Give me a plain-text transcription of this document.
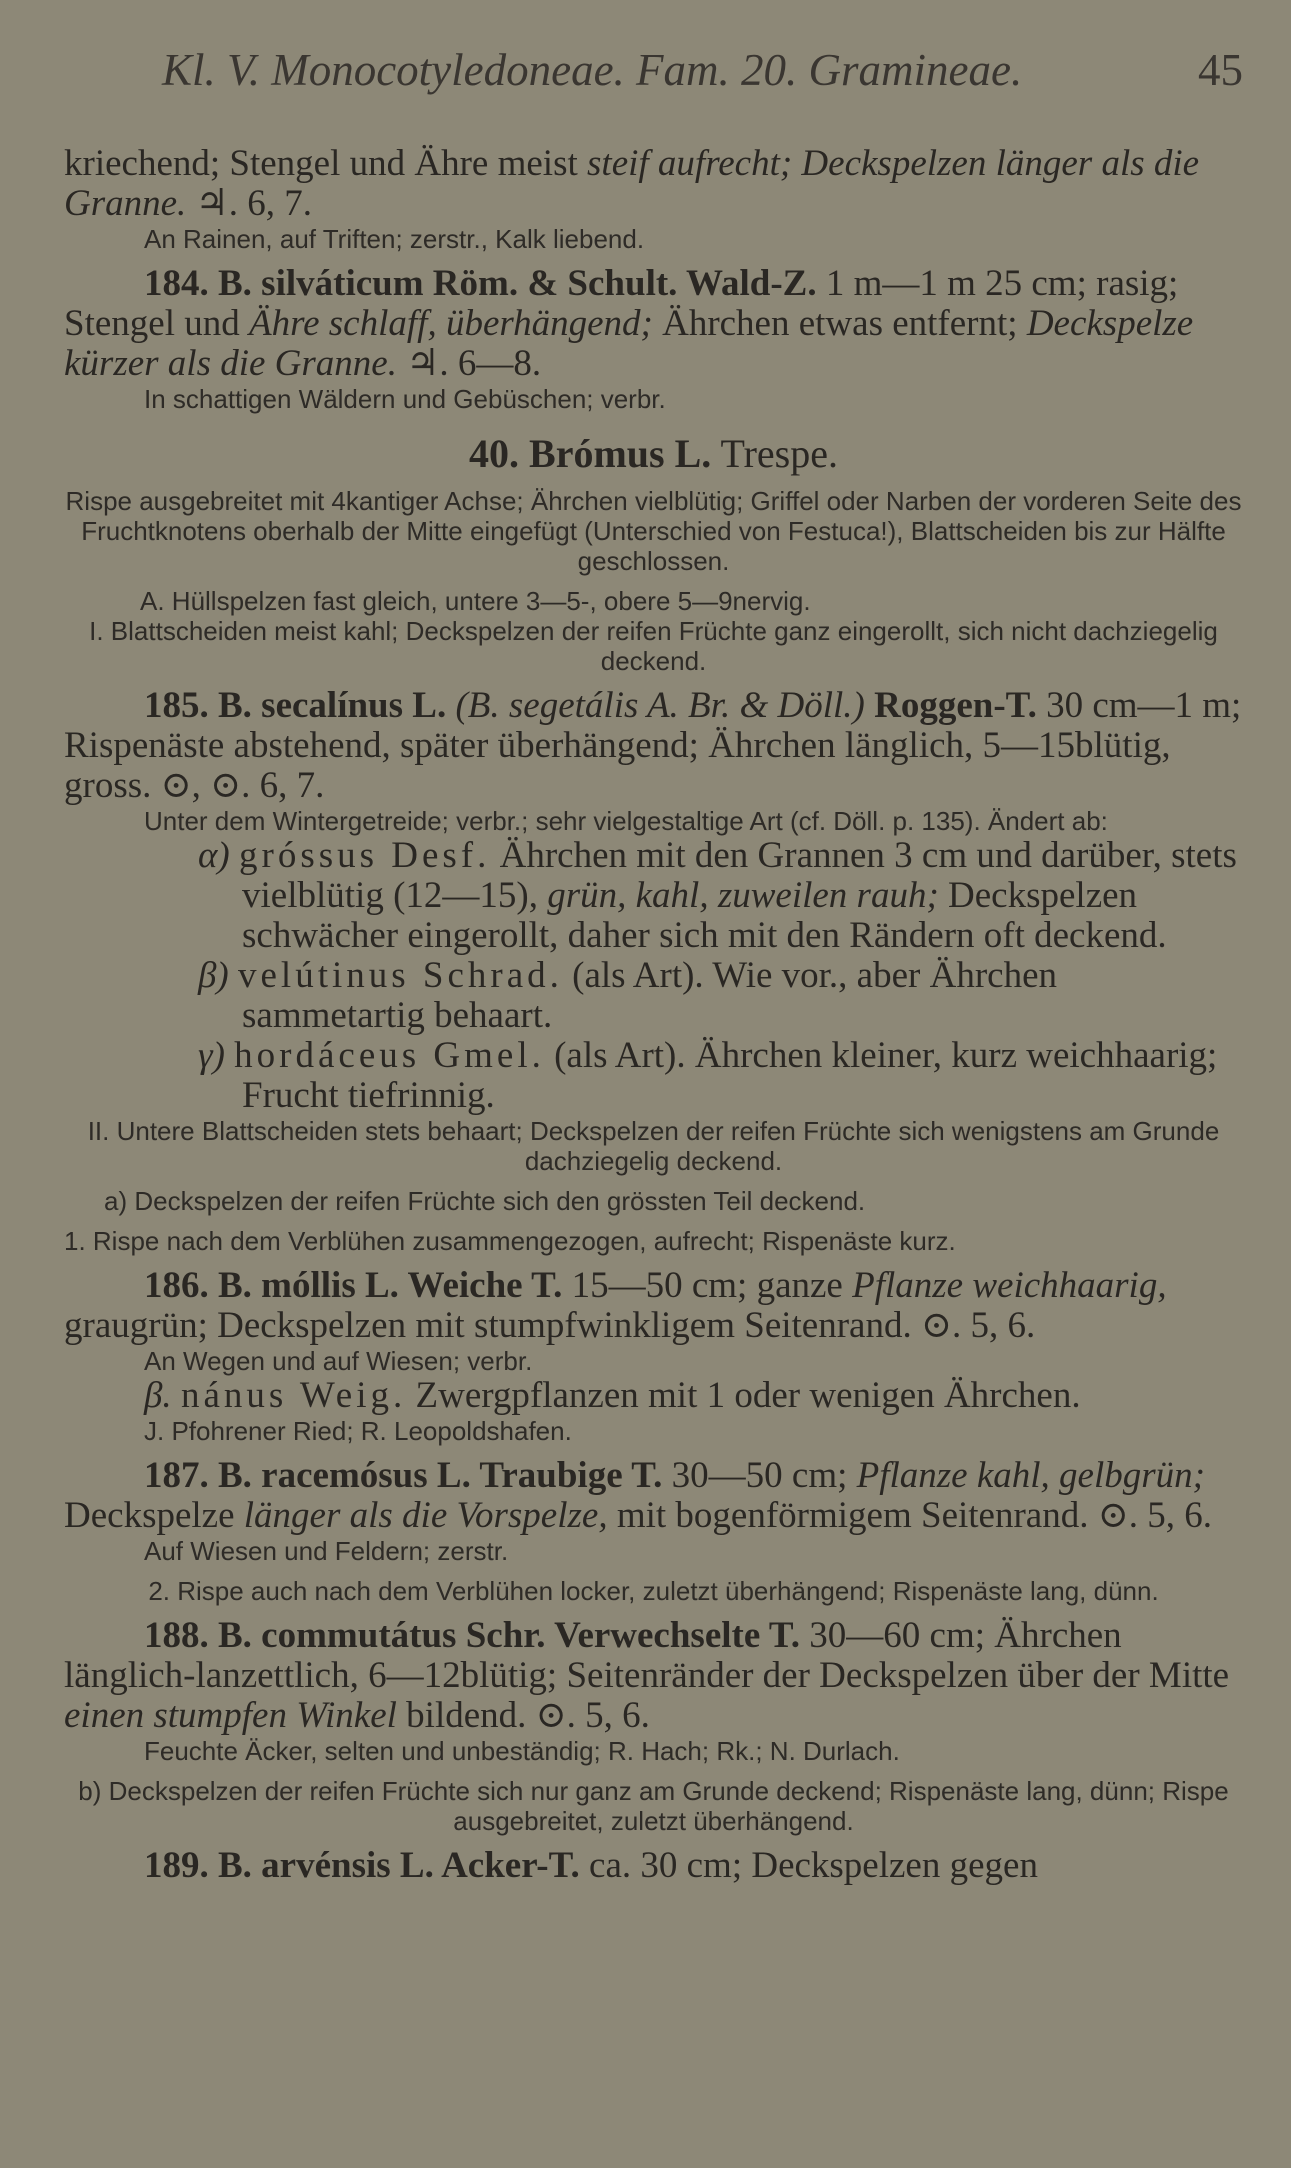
Kl. V. Monocotyledoneae. Fam. 20. Gramineae.	45

kriechend; Stengel und Ähre meist steif aufrecht; Deckspelzen länger als die Granne. ♃. 6, 7.

An Rainen, auf Triften; zerstr., Kalk liebend.

184. B. silváticum Röm. & Schult. Wald-Z. 1 m—1 m 25 cm; rasig; Stengel und Ähre schlaff, überhängend; Ährchen etwas entfernt; Deckspelze kürzer als die Granne. ♃. 6—8.

In schattigen Wäldern und Gebüschen; verbr.

40. Brómus L. Trespe.

Rispe ausgebreitet mit 4kantiger Achse; Ährchen vielblütig; Griffel oder Narben der vorderen Seite des Fruchtknotens oberhalb der Mitte eingefügt (Unterschied von Festuca!), Blattscheiden bis zur Hälfte geschlossen.

A. Hüllspelzen fast gleich, untere 3—5-, obere 5—9nervig.

I. Blattscheiden meist kahl; Deckspelzen der reifen Früchte ganz eingerollt, sich nicht dachziegelig deckend.

185. B. secalínus L. (B. segetális A. Br. & Döll.) Roggen-T. 30 cm—1 m; Rispenäste abstehend, später überhängend; Ährchen länglich, 5—15blütig, gross. ⊙, ⊙. 6, 7.

Unter dem Wintergetreide; verbr.; sehr vielgestaltige Art (cf. Döll. p. 135). Ändert ab:

α) gróssus Desf. Ährchen mit den Grannen 3 cm und darüber, stets vielblütig (12—15), grün, kahl, zuweilen rauh; Deckspelzen schwächer eingerollt, daher sich mit den Rändern oft deckend.

β) velútinus Schrad. (als Art). Wie vor., aber Ährchen sammetartig behaart.

γ) hordáceus Gmel. (als Art). Ährchen kleiner, kurz weichhaarig; Frucht tiefrinnig.

II. Untere Blattscheiden stets behaart; Deckspelzen der reifen Früchte sich wenigstens am Grunde dachziegelig deckend.

a) Deckspelzen der reifen Früchte sich den grössten Teil deckend.

1. Rispe nach dem Verblühen zusammengezogen, aufrecht; Rispenäste kurz.

186. B. móllis L. Weiche T. 15—50 cm; ganze Pflanze weichhaarig, graugrün; Deckspelzen mit stumpfwinkligem Seitenrand. ⊙. 5, 6.

An Wegen und auf Wiesen; verbr.

β. nánus Weig. Zwergpflanzen mit 1 oder wenigen Ährchen.

J. Pfohrener Ried; R. Leopoldshafen.

187. B. racemósus L. Traubige T. 30—50 cm; Pflanze kahl, gelbgrün; Deckspelze länger als die Vorspelze, mit bogenförmigem Seitenrand. ⊙. 5, 6.

Auf Wiesen und Feldern; zerstr.

2. Rispe auch nach dem Verblühen locker, zuletzt überhängend; Rispenäste lang, dünn.

188. B. commutátus Schr. Verwechselte T. 30—60 cm; Ährchen länglich-lanzettlich, 6—12blütig; Seitenränder der Deckspelzen über der Mitte einen stumpfen Winkel bildend. ⊙. 5, 6.

Feuchte Äcker, selten und unbeständig; R. Hach; Rk.; N. Durlach.

b) Deckspelzen der reifen Früchte sich nur ganz am Grunde deckend; Rispenäste lang, dünn; Rispe ausgebreitet, zuletzt überhängend.

189. B. arvénsis L. Acker-T. ca. 30 cm; Deckspelzen gegen
